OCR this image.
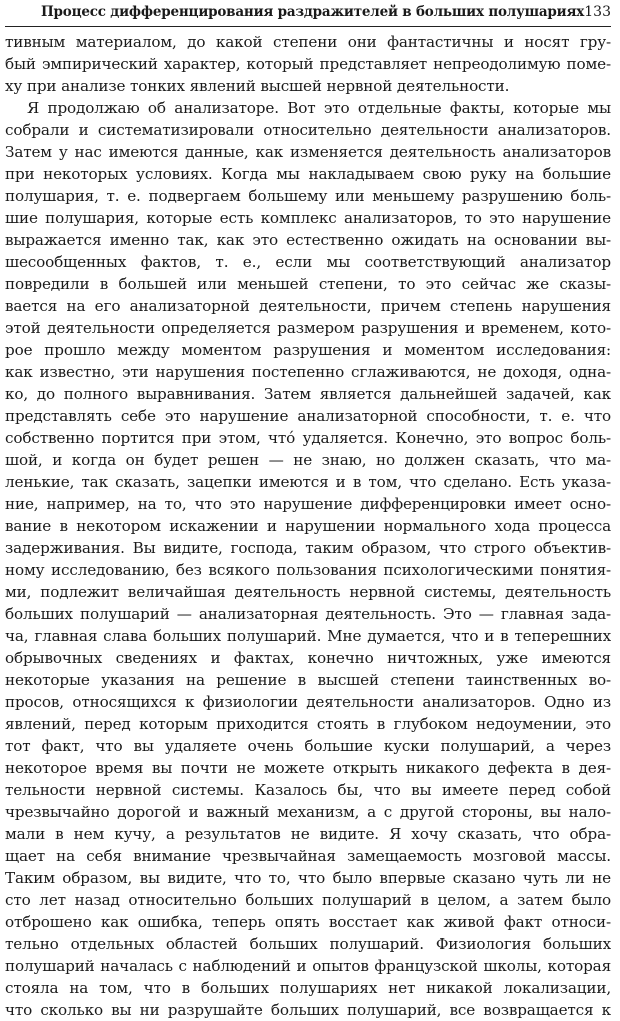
Процесс дифференцирования раздражителей в больших полушариях 133
тивным материалом, до какой степени они фантастичны и носят гру-
бый эмпирический характер, который представляет непреодолимую поме-
ху при анализе тонких явлений высшей нервной деятельности.
Я продолжаю об анализаторе. Вот это отдельные факты, которые мы
собрали и систематизировали относительно деятельности анализаторов.
Затем у нас имеются данные, как изменяется деятельность анализаторов
при некоторых условиях. Когда мы накладываем свою руку на большие
полушария, т. е. подвергаем большему или меньшему разрушению боль-
шие полушария, которые есть комплекс анализаторов, то это нарушение
выражается именно так, как это естественно ожидать на основании вы-
шесообщенных фактов, т. е., если мы соответствующий анализатор
повредили в большей или меньшей степени, то это сейчас же сказы-
вается на его анализаторной деятельности, причем степень нарушения
этой деятельности определяется размером разрушения и временем, кото-
рое прошло между моментом разрушения и моментом исследования:
как известно, эти нарушения постепенно сглаживаются, не доходя, одна-
ко, до полного выравнивания. Затем является дальнейшей задачей, как
представлять себе это нарушение анализаторной способности, т. е. что
собственно портится при этом, что́ удаляется. Конечно, это вопрос боль-
шой, и когда он будет решен — не знаю, но должен сказать, что ма-
ленькие, так сказать, зацепки имеются и в том, что сделано. Есть указа-
ние, например, на то, что это нарушение дифференцировки имеет осно-
вание в некотором искажении и нарушении нормального хода процесса
задерживания. Вы видите, господа, таким образом, что строго объектив-
ному исследованию, без всякого пользования психологическими понятия-
ми, подлежит величайшая деятельность нервной системы, деятельность
больших полушарий — анализаторная деятельность. Это — главная зада-
ча, главная слава больших полушарий. Мне думается, что и в теперешних
обрывочных сведениях и фактах, конечно ничтожных, уже имеются
некоторые указания на решение в высшей степени таинственных во-
просов, относящихся к физиологии деятельности анализаторов. Одно из
явлений, перед которым приходится стоять в глубоком недоумении, это
тот факт, что вы удаляете очень большие куски полушарий, а через
некоторое время вы почти не можете открыть никакого дефекта в дея-
тельности нервной системы. Казалось бы, что вы имеете перед собой
чрезвычайно дорогой и важный механизм, а с другой стороны, вы нало-
мали в нем кучу, а результатов не видите. Я хочу сказать, что обра-
щает на себя внимание чрезвычайная замещаемость мозговой массы.
Таким образом, вы видите, что то, что было впервые сказано чуть ли не
сто лет назад относительно больших полушарий в целом, а затем было
отброшено как ошибка, теперь опять восстает как живой факт относи-
тельно отдельных областей больших полушарий. Физиология больших
полушарий началась с наблюдений и опытов французской школы, которая
стояла на том, что в больших полушариях нет никакой локализации,
что сколько вы ни разрушайте больших полушарий, все возвращается к
